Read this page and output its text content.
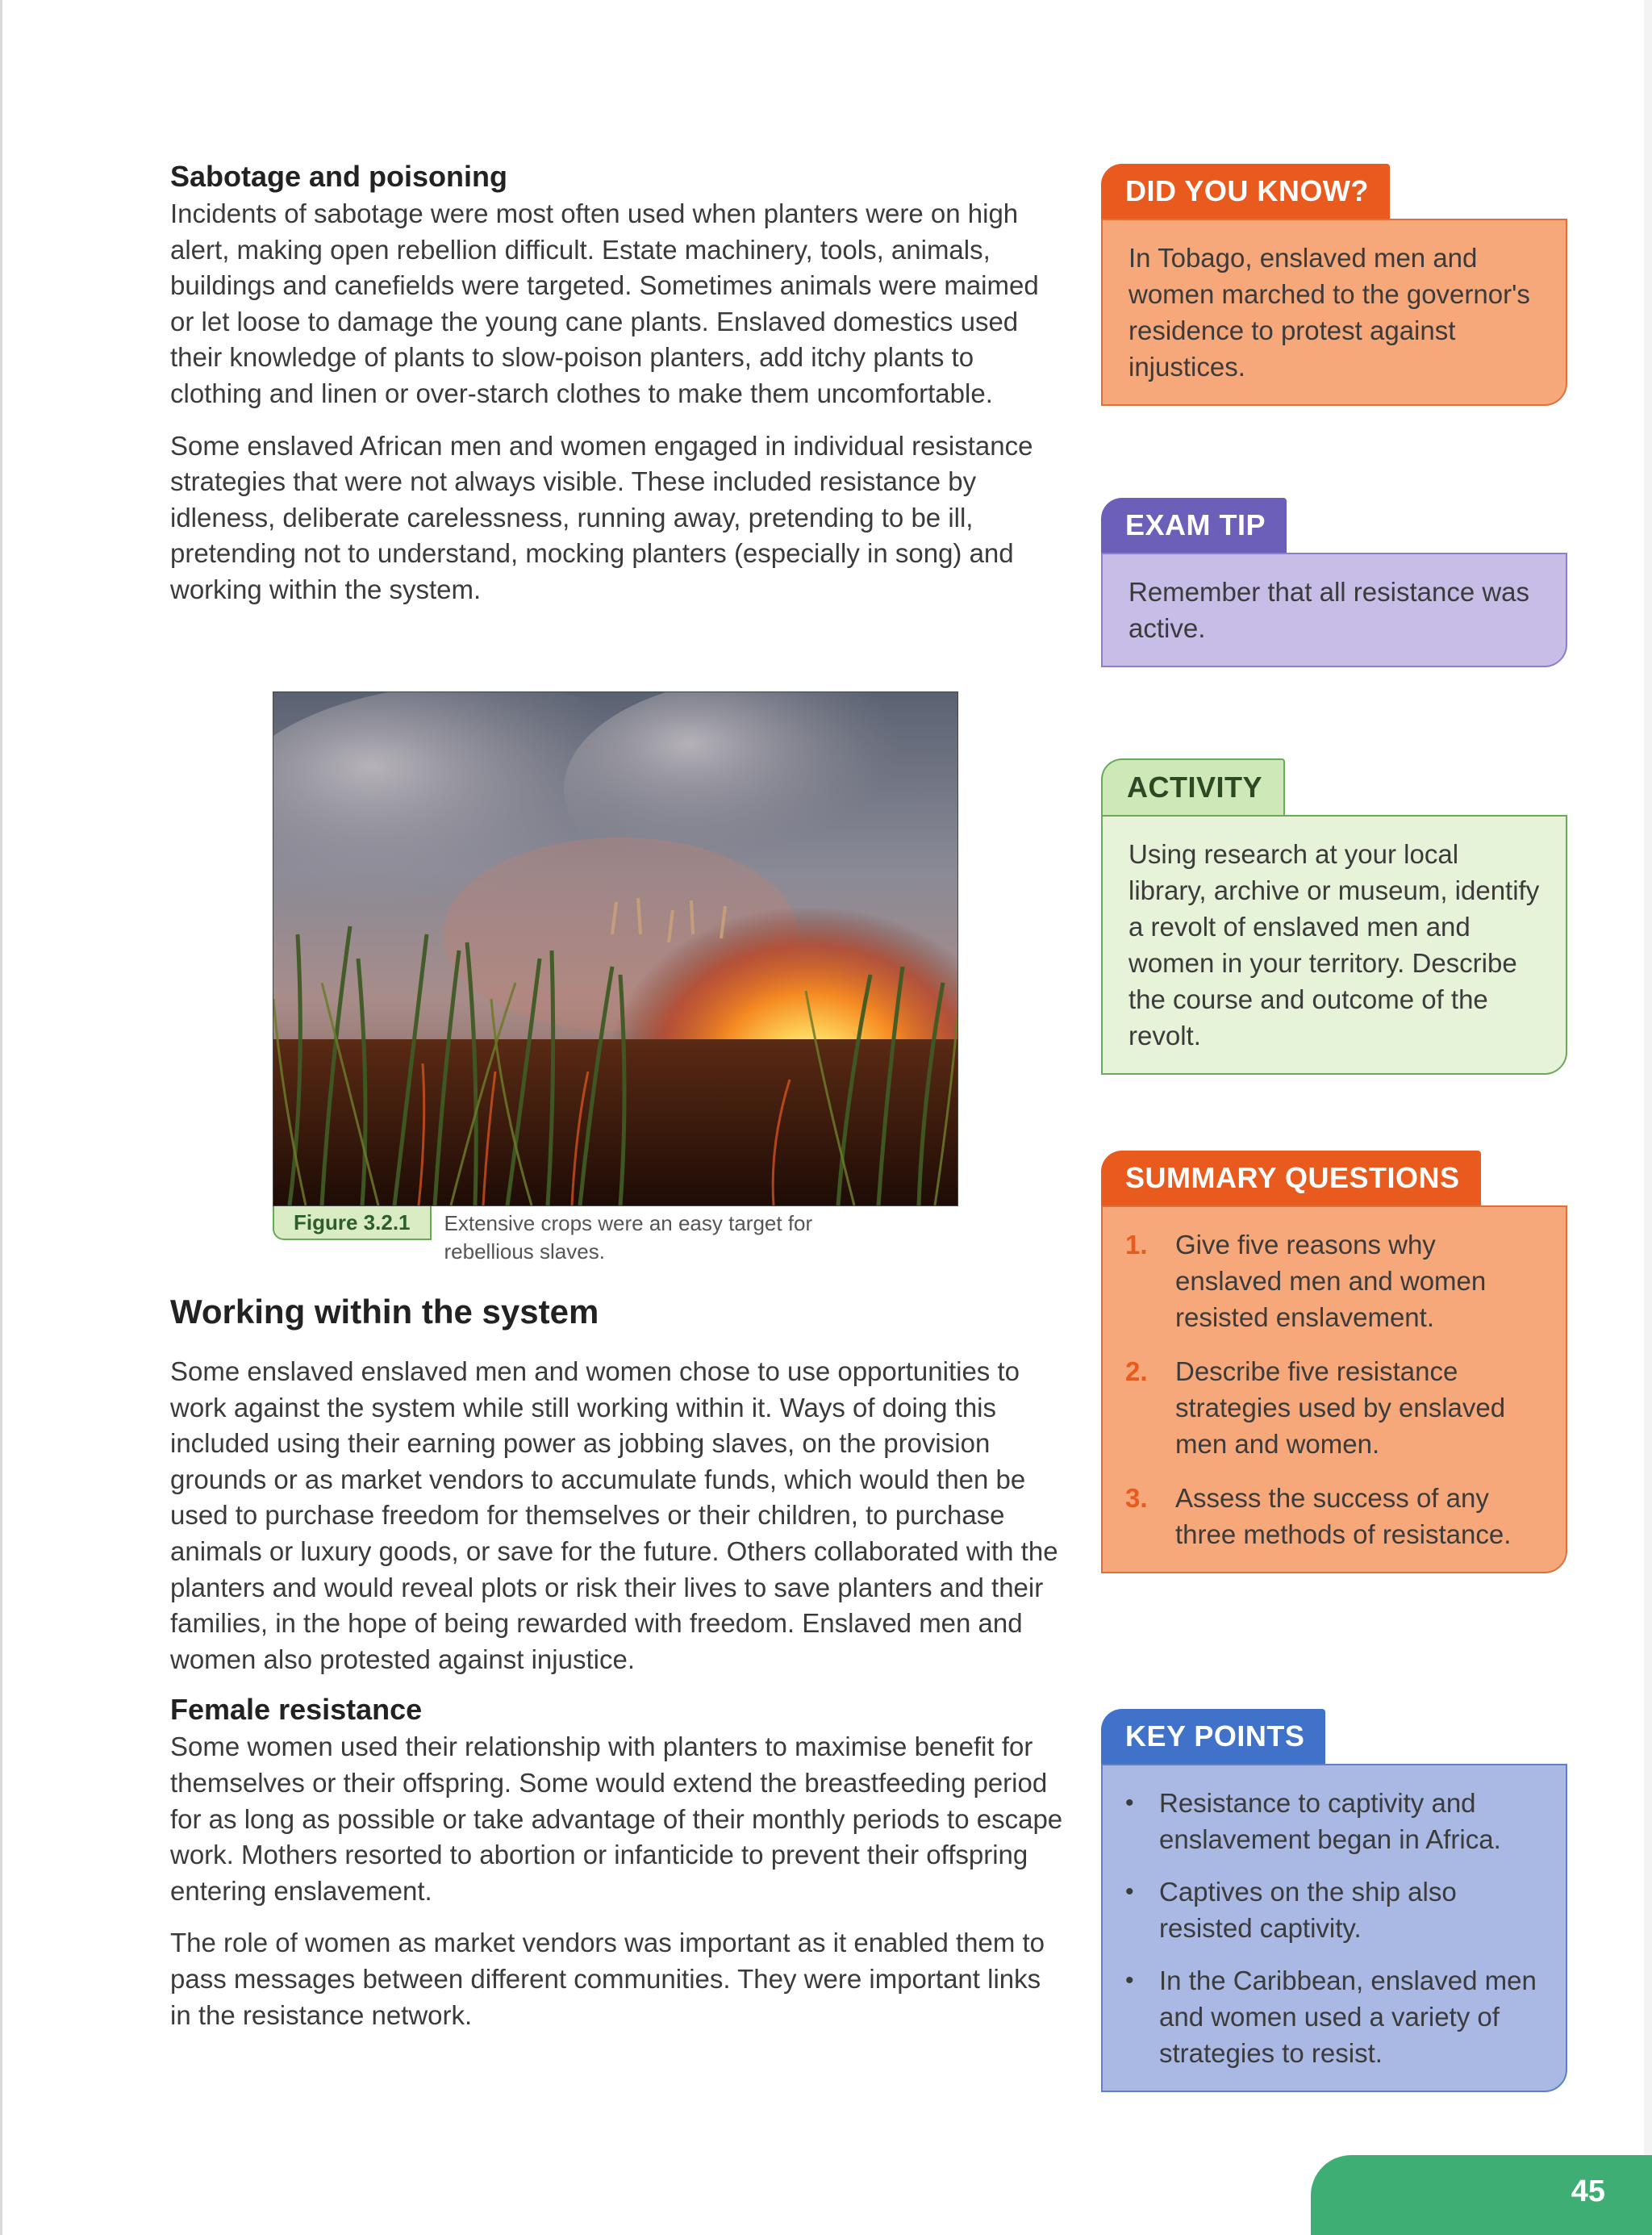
Sabotage and poisoning

Incidents of sabotage were most often used when planters were on high alert, making open rebellion difficult. Estate machinery, tools, animals, buildings and canefields were targeted. Sometimes animals were maimed or let loose to damage the young cane plants. Enslaved domestics used their knowledge of plants to slow-poison planters, add itchy plants to clothing and linen or over-starch clothes to make them uncomfortable.

Some enslaved African men and women engaged in individual resistance strategies that were not always visible. These included resistance by idleness, deliberate carelessness, running away, pretending to be ill, pretending not to understand, mocking planters (especially in song) and working within the system.

Figure 3.2.1	Extensive crops were an easy target for rebellious slaves.
Working within the system

Some enslaved enslaved men and women chose to use opportunities to work against the system while still working within it. Ways of doing this included using their earning power as jobbing slaves, on the provision grounds or as market vendors to accumulate funds, which would then be used to purchase freedom for themselves or their children, to purchase animals or luxury goods, or save for the future. Others collaborated with the planters and would reveal plots or risk their lives to save planters and their families, in the hope of being rewarded with freedom. Enslaved men and women also protested against injustice.

Female resistance

Some women used their relationship with planters to maximise benefit for themselves or their offspring. Some would extend the breastfeeding period for as long as possible or take advantage of their monthly periods to escape work. Mothers resorted to abortion or infanticide to prevent their offspring entering enslavement.

The role of women as market vendors was important as it enabled them to pass messages between different communities. They were important links in the resistance network.

DID YOU KNOW?
In Tobago, enslaved men and women marched to the governor's residence to protest against injustices.
EXAM TIP
Remember that all resistance was active.
ACTIVITY
Using research at your local library, archive or museum, identify a revolt of enslaved men and women in your territory. Describe the course and outcome of the revolt.
SUMMARY QUESTIONS
1.	Give five reasons why enslaved men and women resisted enslavement.
2.	Describe five resistance strategies used by enslaved men and women.
3.	Assess the success of any three methods of resistance.
KEY POINTS
• Resistance to captivity and enslavement began in Africa.
• Captives on the ship also resisted captivity.
• In the Caribbean, enslaved men and women used a variety of strategies to resist.
45
